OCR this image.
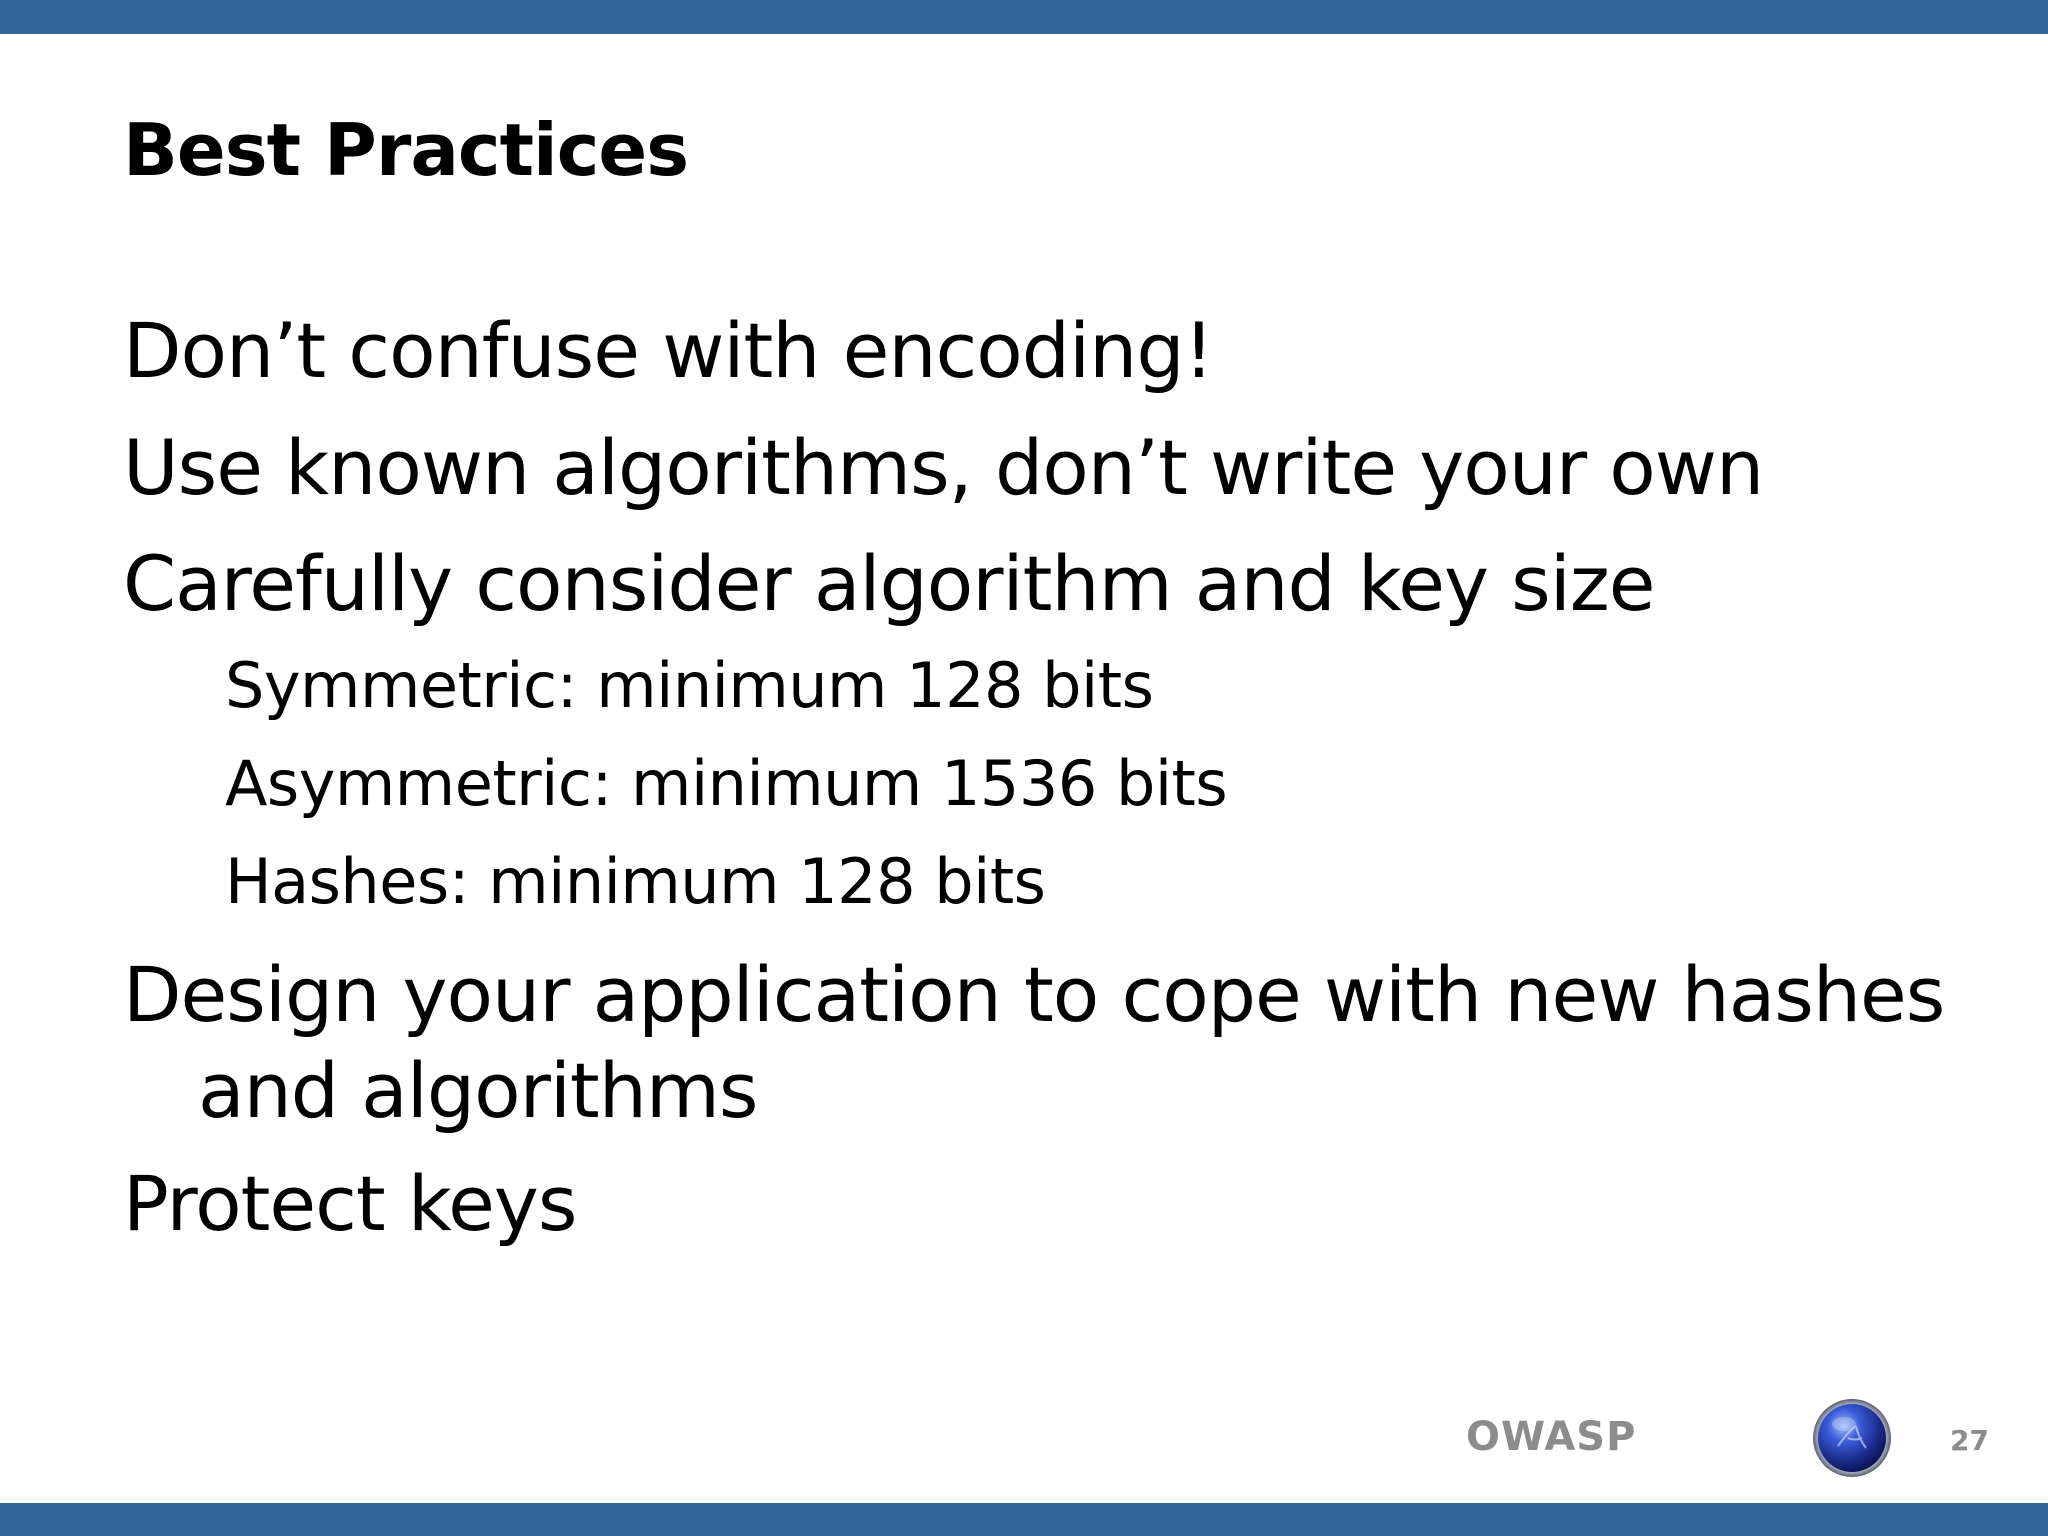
Best Practices
Don’t confuse with encoding!
Use known algorithms, don’t write your own
Carefully consider algorithm and key size
Symmetric: minimum 128 bits
Asymmetric: minimum 1536 bits
Hashes: minimum 128 bits
Design your application to cope with new hashes and algorithms
Protect keys
OWASP	27
